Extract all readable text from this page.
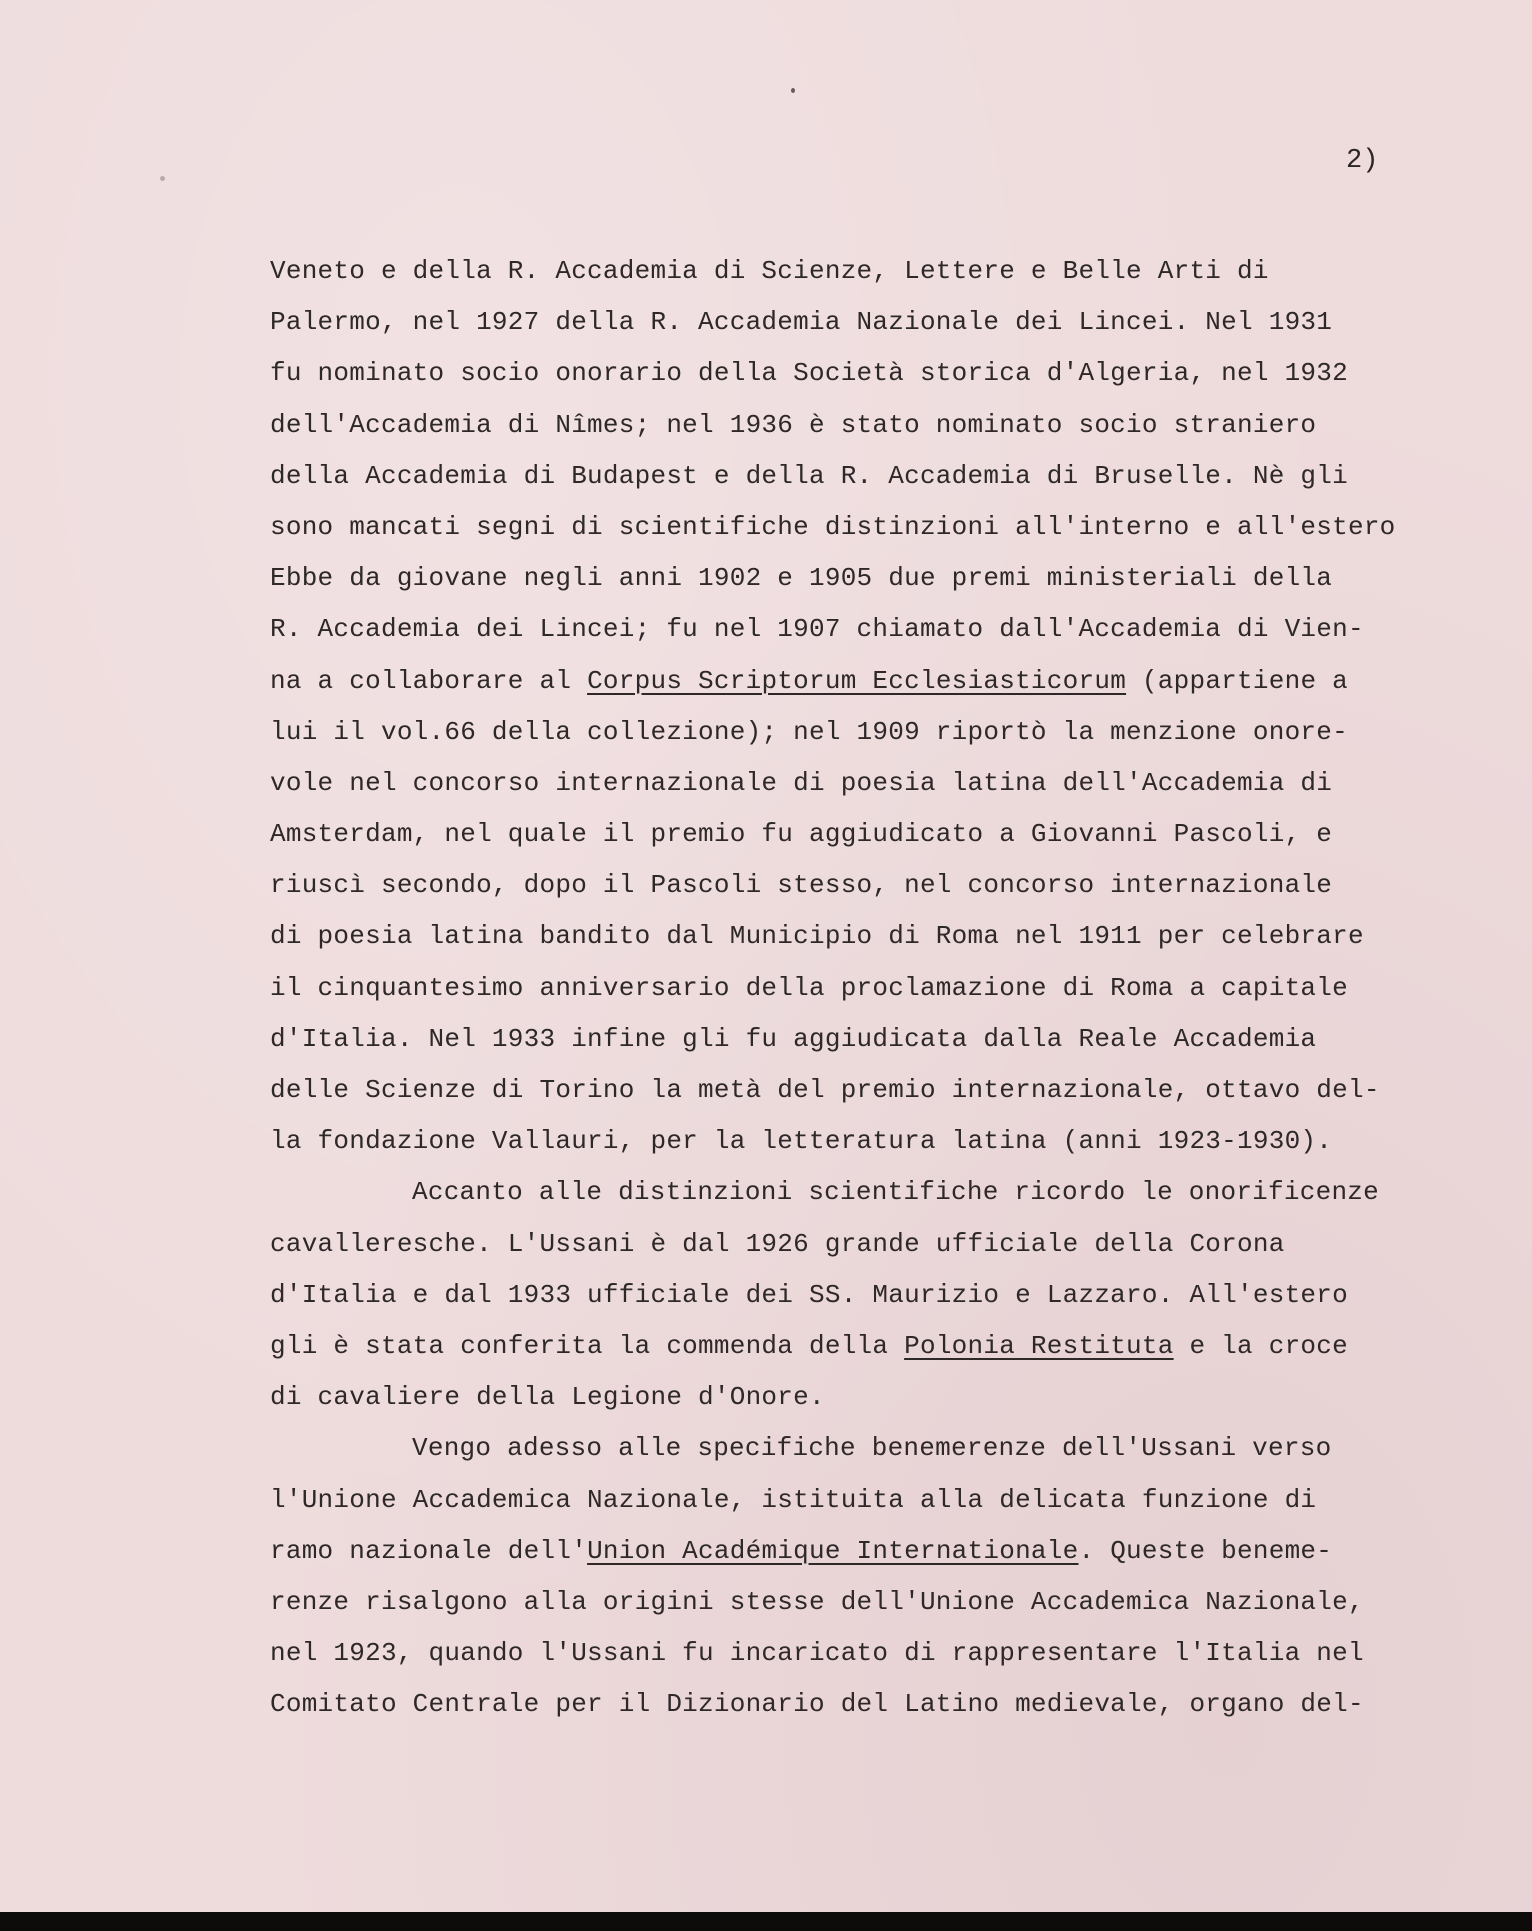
2)
Veneto e della R. Accademia di Scienze, Lettere e Belle Arti di
Palermo, nel 1927 della R. Accademia Nazionale dei Lincei. Nel 1931
fu nominato socio onorario della Società storica d'Algeria, nel 1932
dell'Accademia di Nîmes; nel 1936 è stato nominato socio straniero
della Accademia di Budapest e della R. Accademia di Bruselle. Nè gli
sono mancati segni di scientifiche distinzioni all'interno e all'estero
Ebbe da giovane negli anni 1902 e 1905 due premi ministeriali della
R. Accademia dei Lincei; fu nel 1907 chiamato dall'Accademia di Vien-
na a collaborare al Corpus Scriptorum Ecclesiasticorum (appartiene a
lui il vol.66 della collezione); nel 1909 riportò la menzione onore-
vole nel concorso internazionale di poesia latina dell'Accademia di
Amsterdam, nel quale il premio fu aggiudicato a Giovanni Pascoli, e
riuscì secondo, dopo il Pascoli stesso, nel concorso internazionale
di poesia latina bandito dal Municipio di Roma nel 1911 per celebrare
il cinquantesimo anniversario della proclamazione di Roma a capitale
d'Italia. Nel 1933 infine gli fu aggiudicata dalla Reale Accademia
delle Scienze di Torino la metà del premio internazionale, ottavo del-
la fondazione Vallauri, per la letteratura latina (anni 1923-1930).
Accanto alle distinzioni scientifiche ricordo le onorificenze
cavalleresche. L'Ussani è dal 1926 grande ufficiale della Corona
d'Italia e dal 1933 ufficiale dei SS. Maurizio e Lazzaro. All'estero
gli è stata conferita la commenda della Polonia Restituta e la croce
di cavaliere della Legione d'Onore.
Vengo adesso alle specifiche benemerenze dell'Ussani verso
l'Unione Accademica Nazionale, istituita alla delicata funzione di
ramo nazionale dell'Union Académique Internationale. Queste beneme-
renze risalgono alla origini stesse dell'Unione Accademica Nazionale,
nel 1923, quando l'Ussani fu incaricato di rappresentare l'Italia nel
Comitato Centrale per il Dizionario del Latino medievale, organo del-
